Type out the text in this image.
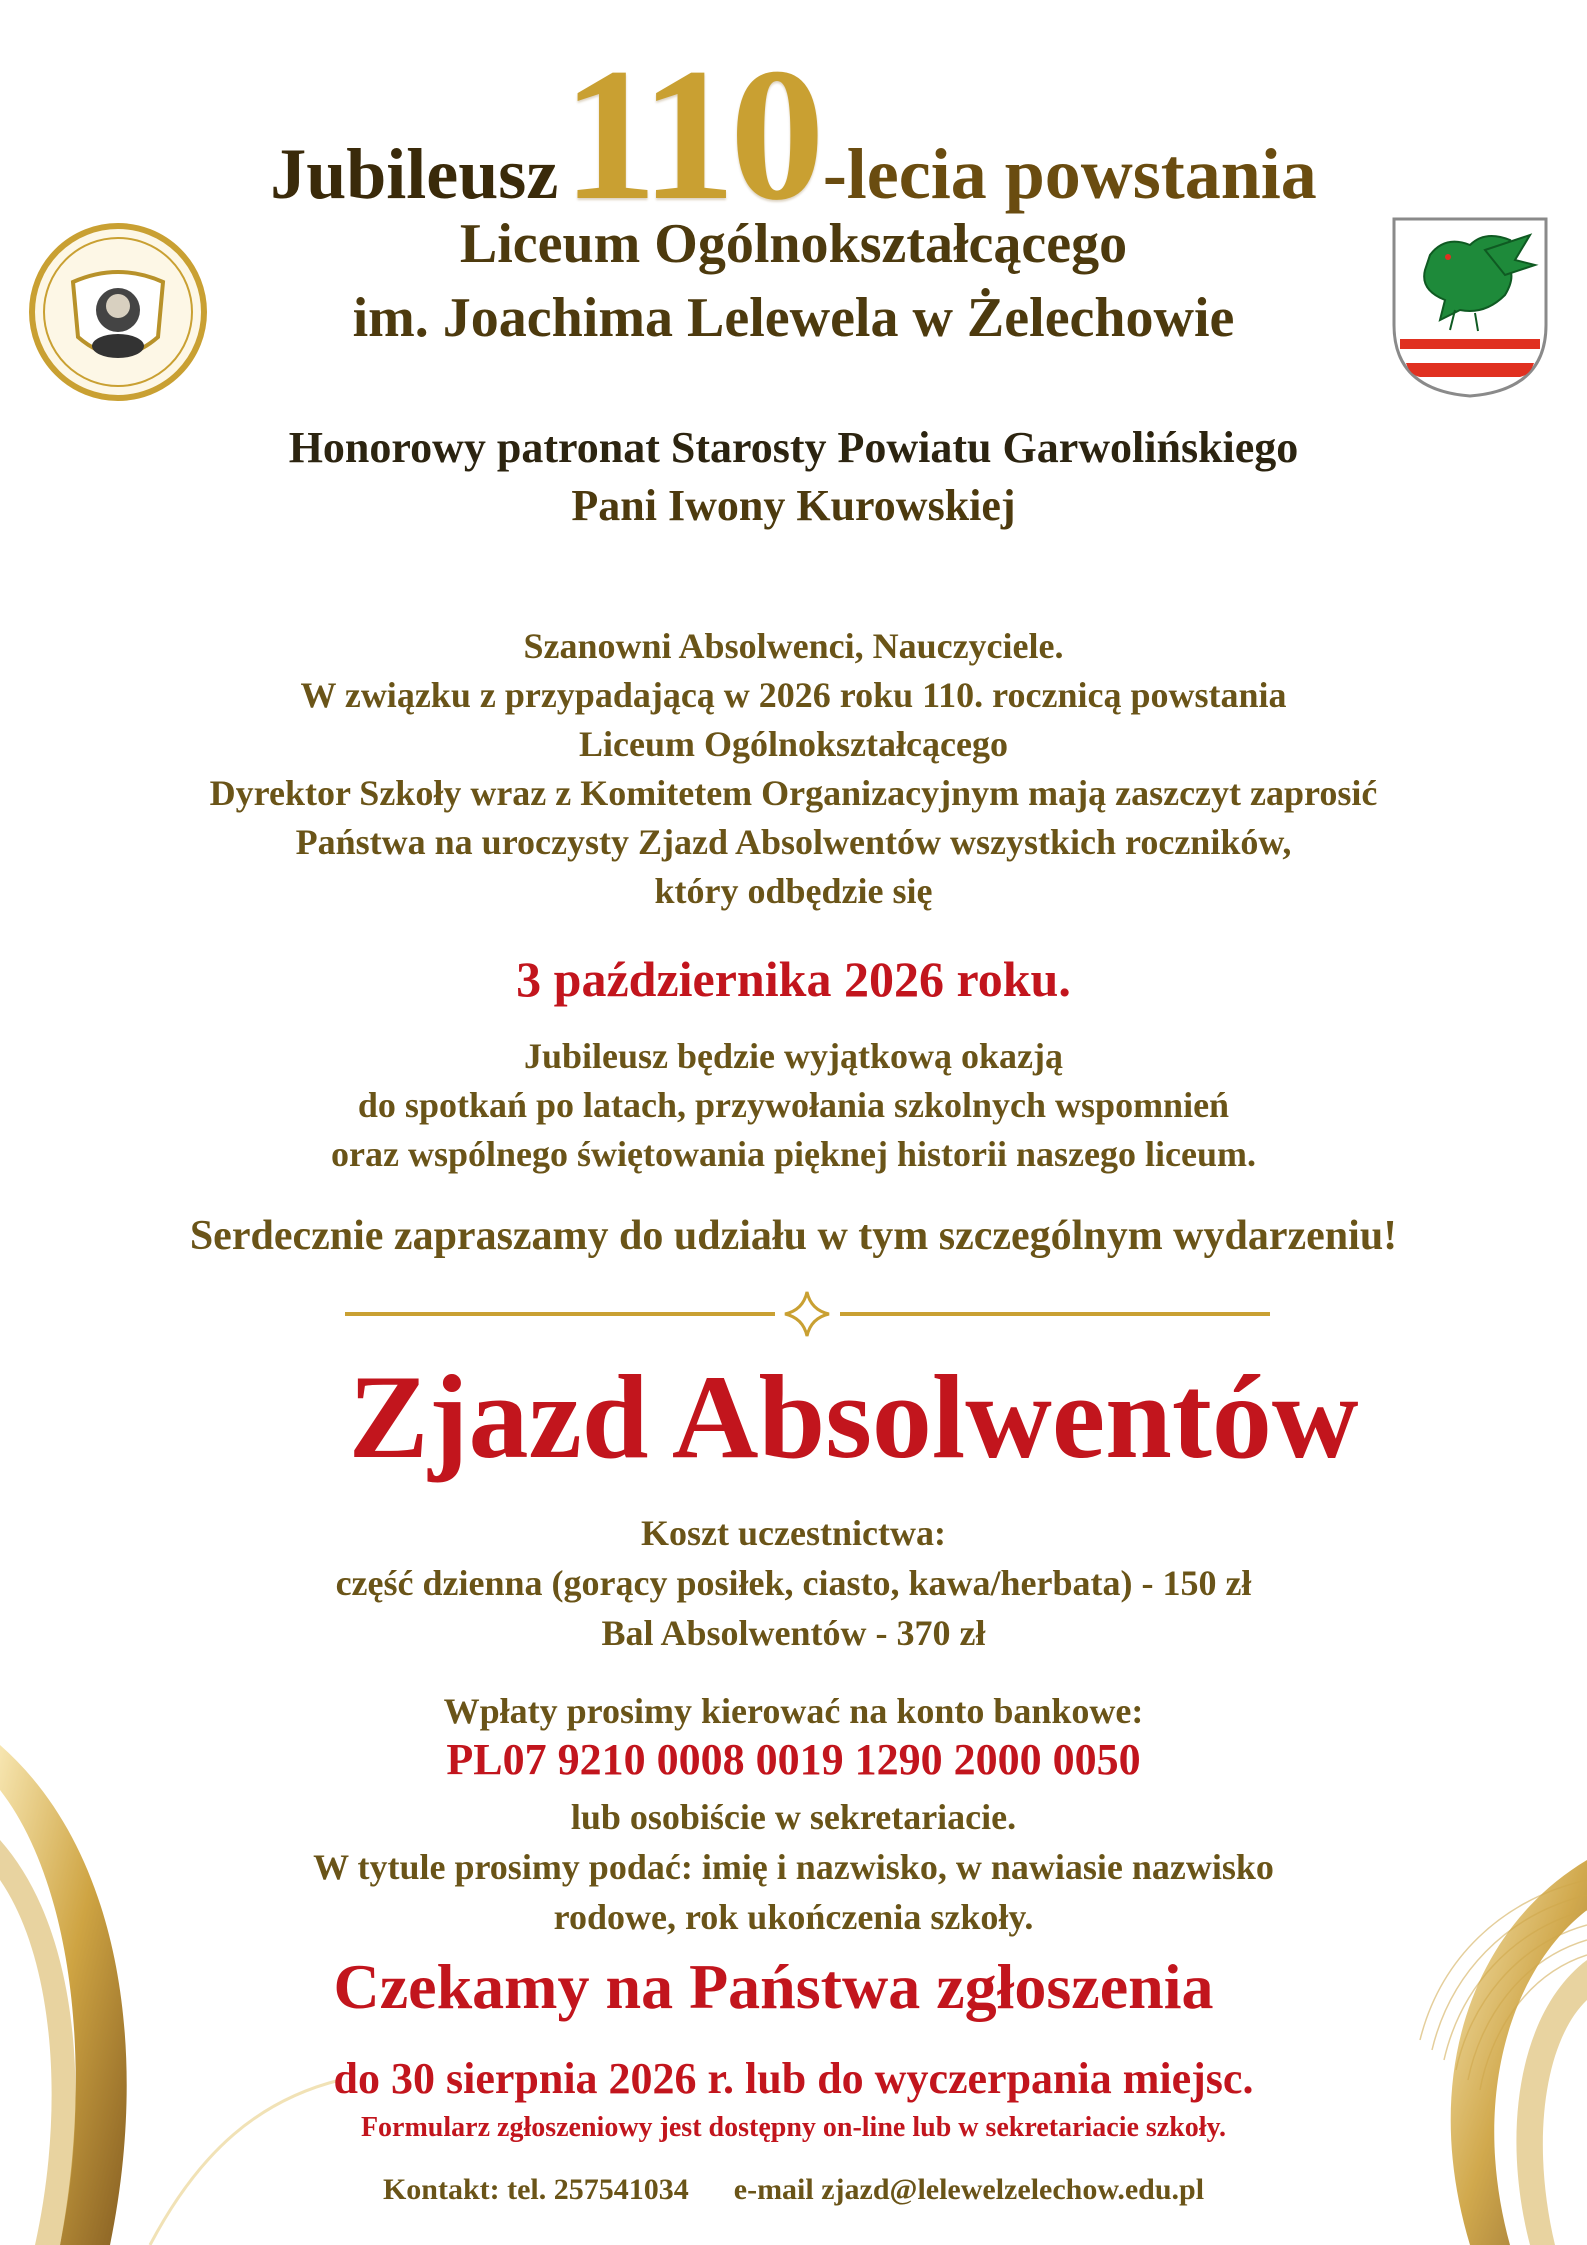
Jubileusz 110 -lecia powstania
Liceum Ogólnokształcącego
im. Joachima Lelewela w Żelechowie
Honorowy patronat Starosty Powiatu Garwolińskiego
Pani Iwony Kurowskiej
Szanowni Absolwenci, Nauczyciele.
W związku z przypadającą w 2026 roku 110. rocznicą powstania
Liceum Ogólnokształcącego
Dyrektor Szkoły wraz z Komitetem Organizacyjnym mają zaszczyt zaprosić
Państwa na uroczysty Zjazd Absolwentów wszystkich roczników,
który odbędzie się
3 października 2026 roku.
Jubileusz będzie wyjątkową okazją
do spotkań po latach, przywołania szkolnych wspomnień
oraz wspólnego świętowania pięknej historii naszego liceum.
Serdecznie zapraszamy do udziału w tym szczególnym wydarzeniu!
Zjazd Absolwentów
Koszt uczestnictwa:
część dzienna (gorący posiłek, ciasto, kawa/herbata) - 150 zł
Bal Absolwentów - 370 zł
Wpłaty prosimy kierować na konto bankowe:
PL07 9210 0008 0019 1290 2000 0050
lub osobiście w sekretariacie.
W tytule prosimy podać: imię i nazwisko, w nawiasie nazwisko
rodowe, rok ukończenia szkoły.
Czekamy na Państwa zgłoszenia
do 30 sierpnia 2026 r. lub do wyczerpania miejsc.
Formularz zgłoszeniowy jest dostępny on-line lub w sekretariacie szkoły.
Kontakt: tel. 257541034 e-mail zjazd@lelewelzelechow.edu.pl
